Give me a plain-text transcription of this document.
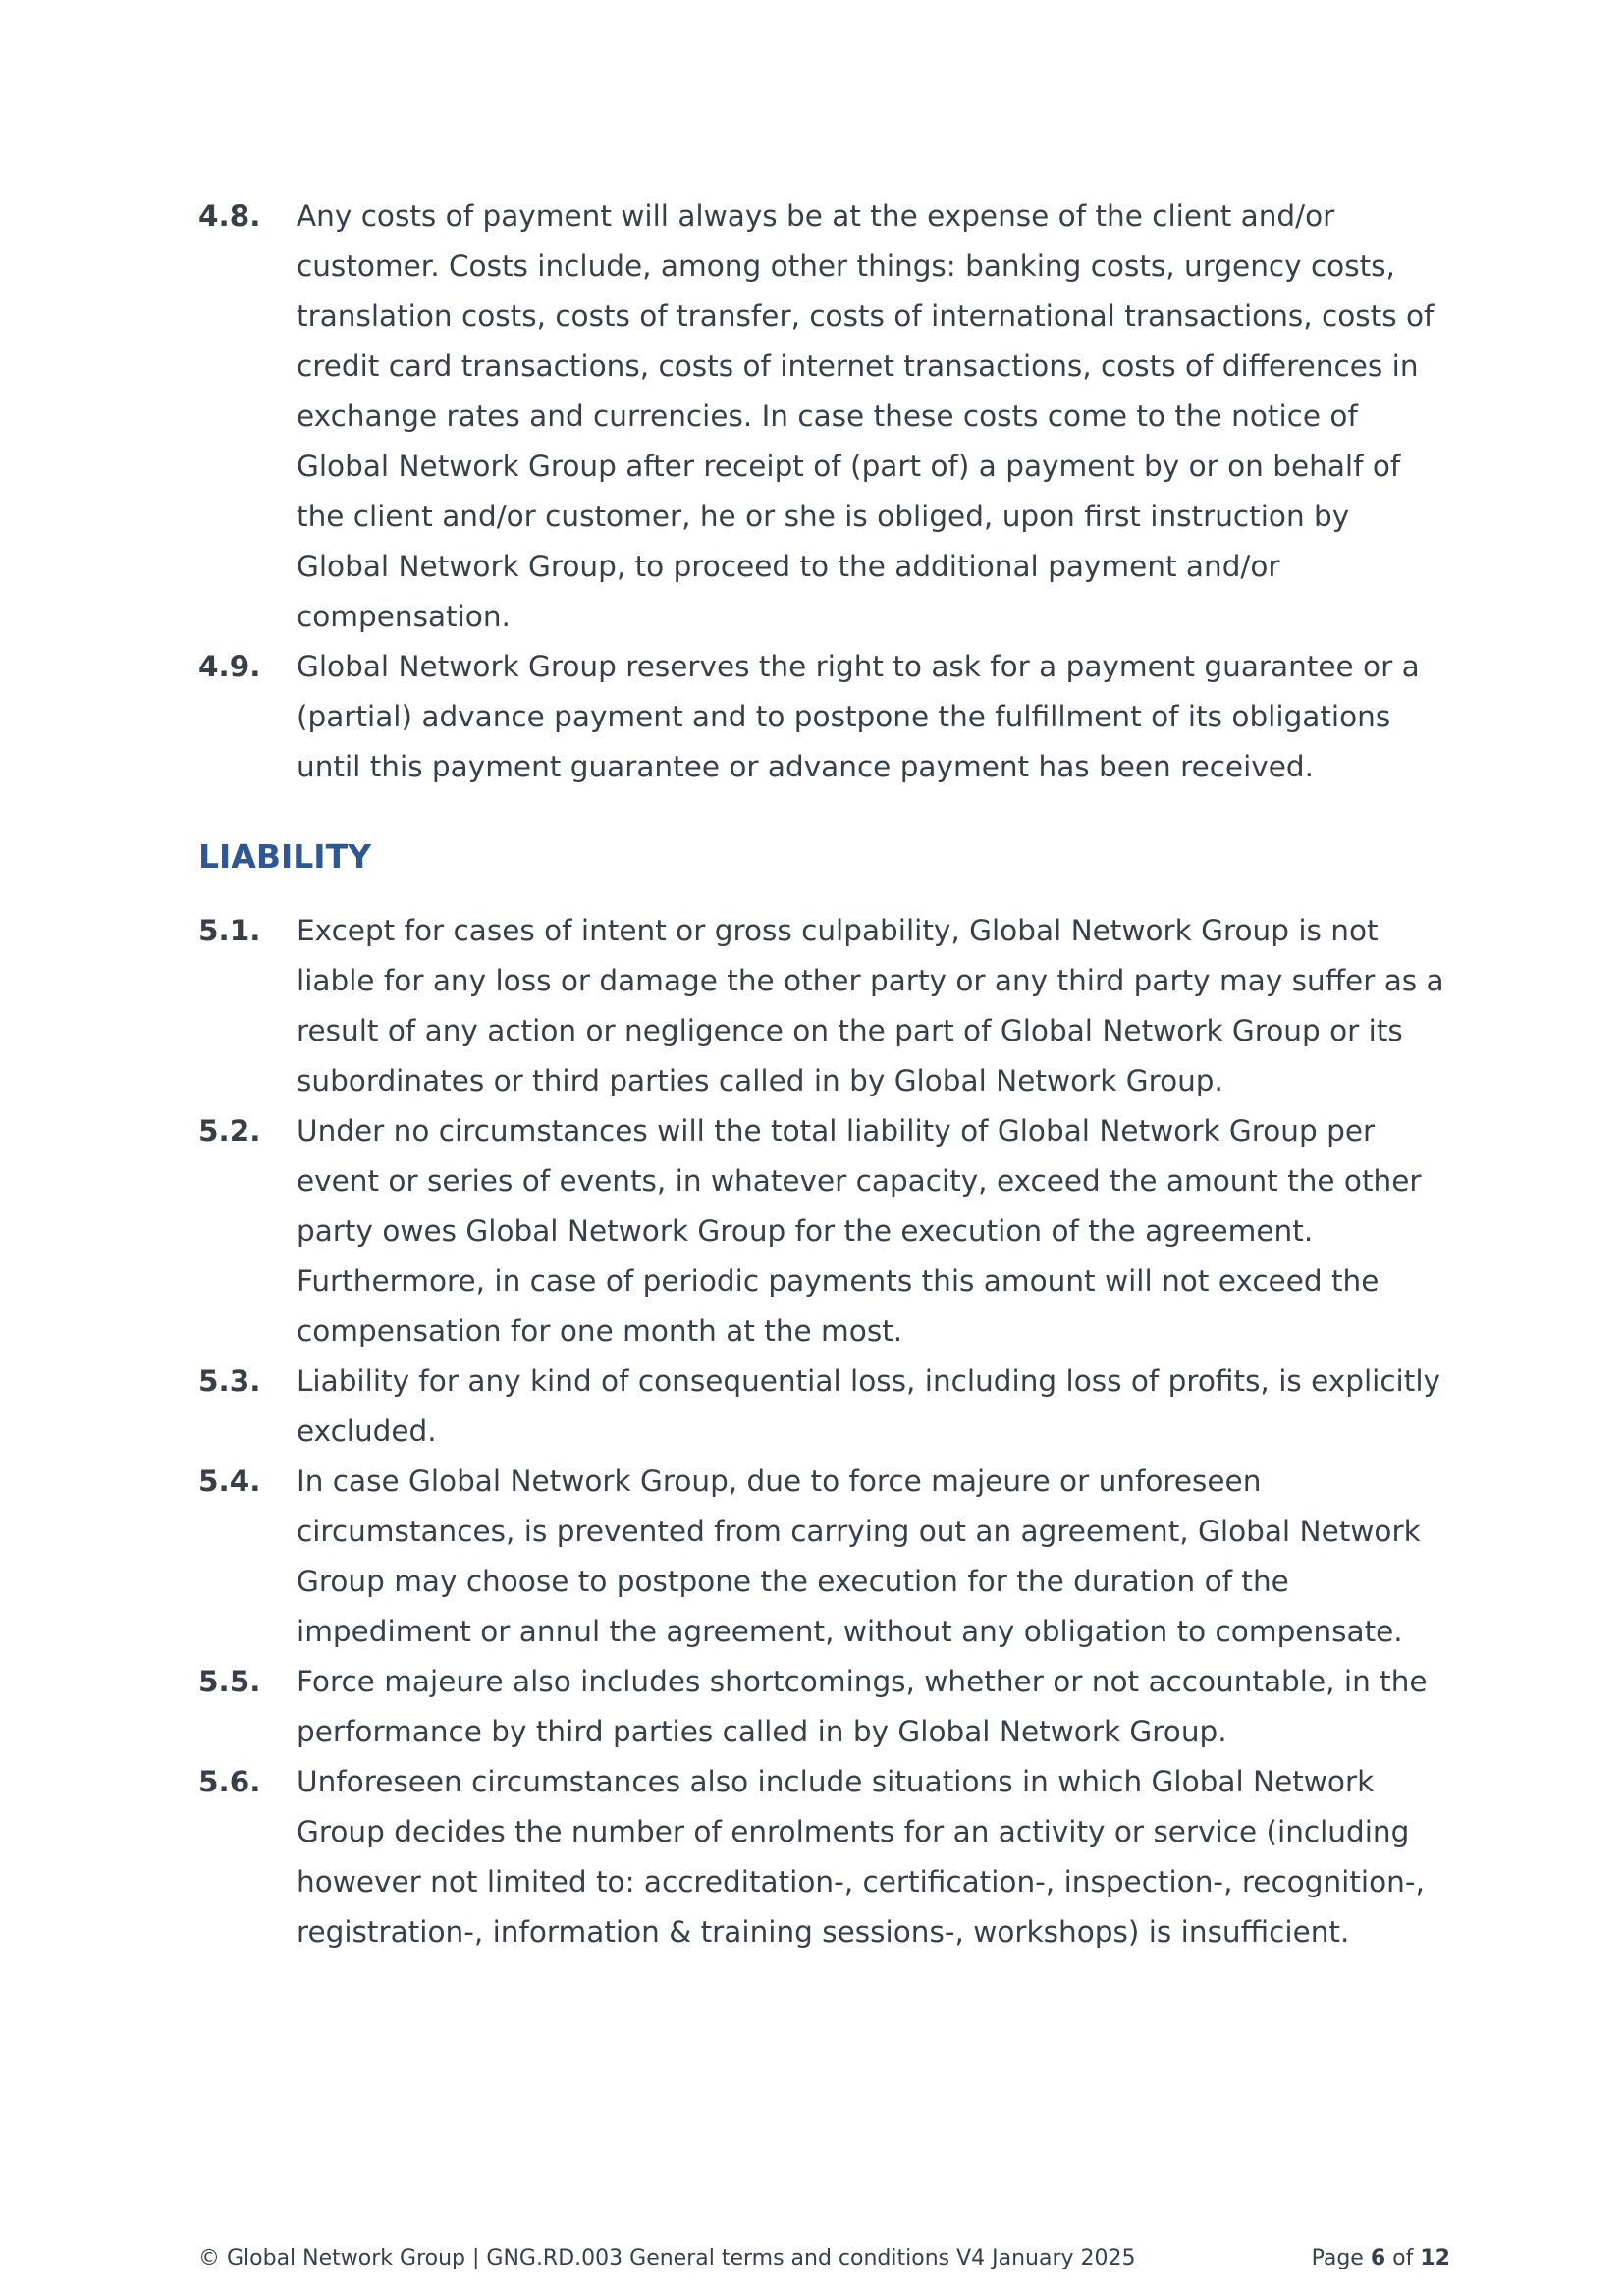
4.8.	Any costs of payment will always be at the expense of the client and/or customer. Costs include, among other things: banking costs, urgency costs, translation costs, costs of transfer, costs of international transactions, costs of credit card transactions, costs of internet transactions, costs of differences in exchange rates and currencies. In case these costs come to the notice of Global Network Group after receipt of (part of) a payment by or on behalf of the client and/or customer, he or she is obliged, upon first instruction by Global Network Group, to proceed to the additional payment and/or compensation.
4.9.	Global Network Group reserves the right to ask for a payment guarantee or a (partial) advance payment and to postpone the fulfillment of its obligations until this payment guarantee or advance payment has been received.
LIABILITY
5.1.	Except for cases of intent or gross culpability, Global Network Group is not liable for any loss or damage the other party or any third party may suffer as a result of any action or negligence on the part of Global Network Group or its subordinates or third parties called in by Global Network Group.
5.2.	Under no circumstances will the total liability of Global Network Group per event or series of events, in whatever capacity, exceed the amount the other party owes Global Network Group for the execution of the agreement. Furthermore, in case of periodic payments this amount will not exceed the compensation for one month at the most.
5.3.	Liability for any kind of consequential loss, including loss of profits, is explicitly excluded.
5.4.	In case Global Network Group, due to force majeure or unforeseen circumstances, is prevented from carrying out an agreement, Global Network Group may choose to postpone the execution for the duration of the impediment or annul the agreement, without any obligation to compensate.
5.5.	Force majeure also includes shortcomings, whether or not accountable, in the performance by third parties called in by Global Network Group.
5.6.	Unforeseen circumstances also include situations in which Global Network Group decides the number of enrolments for an activity or service (including however not limited to: accreditation-, certification-, inspection-, recognition-, registration-, information & training sessions-, workshops) is insufficient.
© Global Network Group | GNG.RD.003 General terms and conditions V4 January 2025	Page 6 of 12
